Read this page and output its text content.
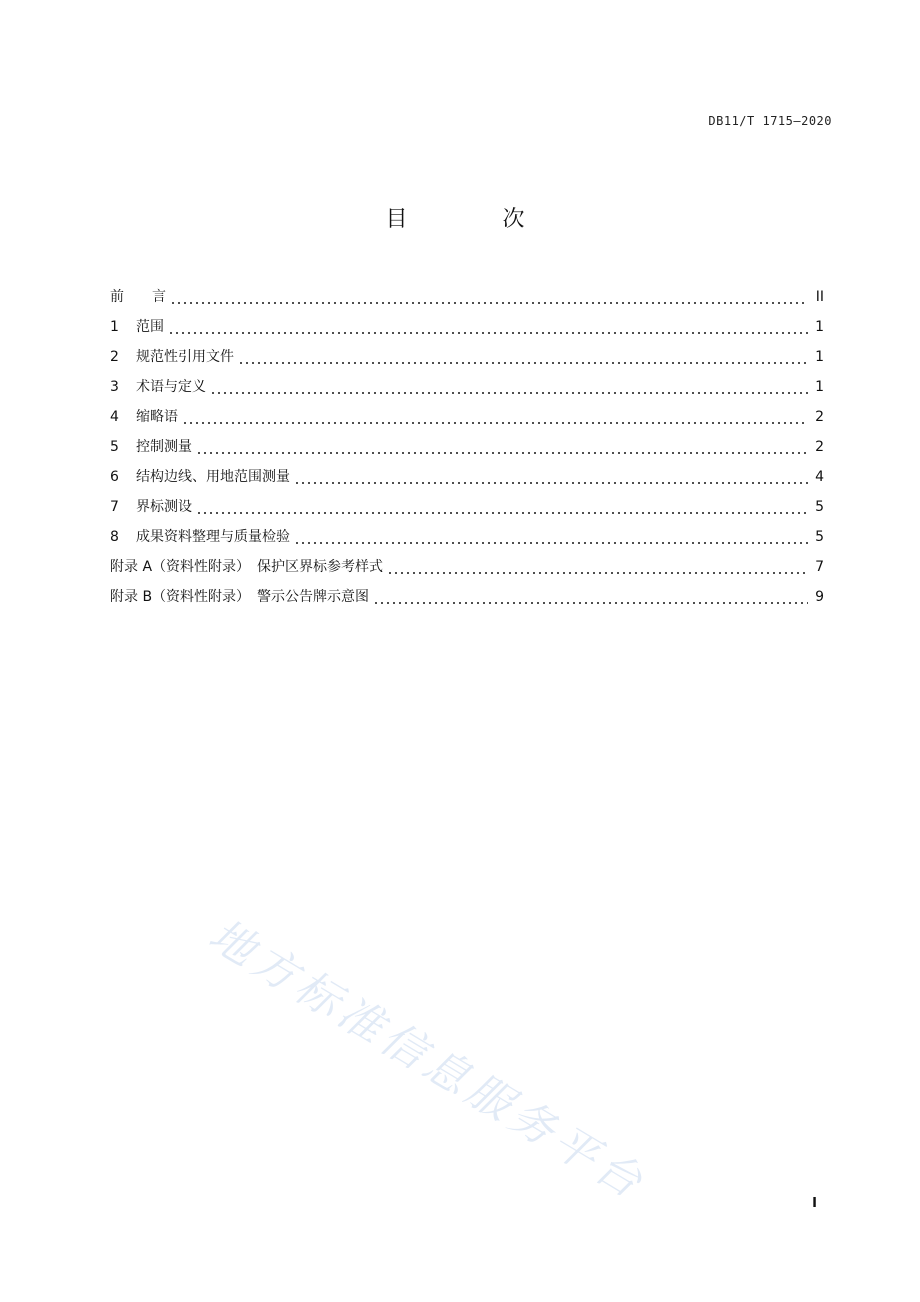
DB11/T 1715—2020
目 次
前　　言	II
1 范围	1
2 规范性引用文件	1
3 术语与定义	1
4 缩略语	2
5 控制测量	2
6 结构边线、用地范围测量	4
7 界标测设	5
8 成果资料整理与质量检验	5
附录 A（资料性附录）　保护区界标参考样式	7
附录 B（资料性附录）　警示公告牌示意图	9
I
地方标准信息服务平台
